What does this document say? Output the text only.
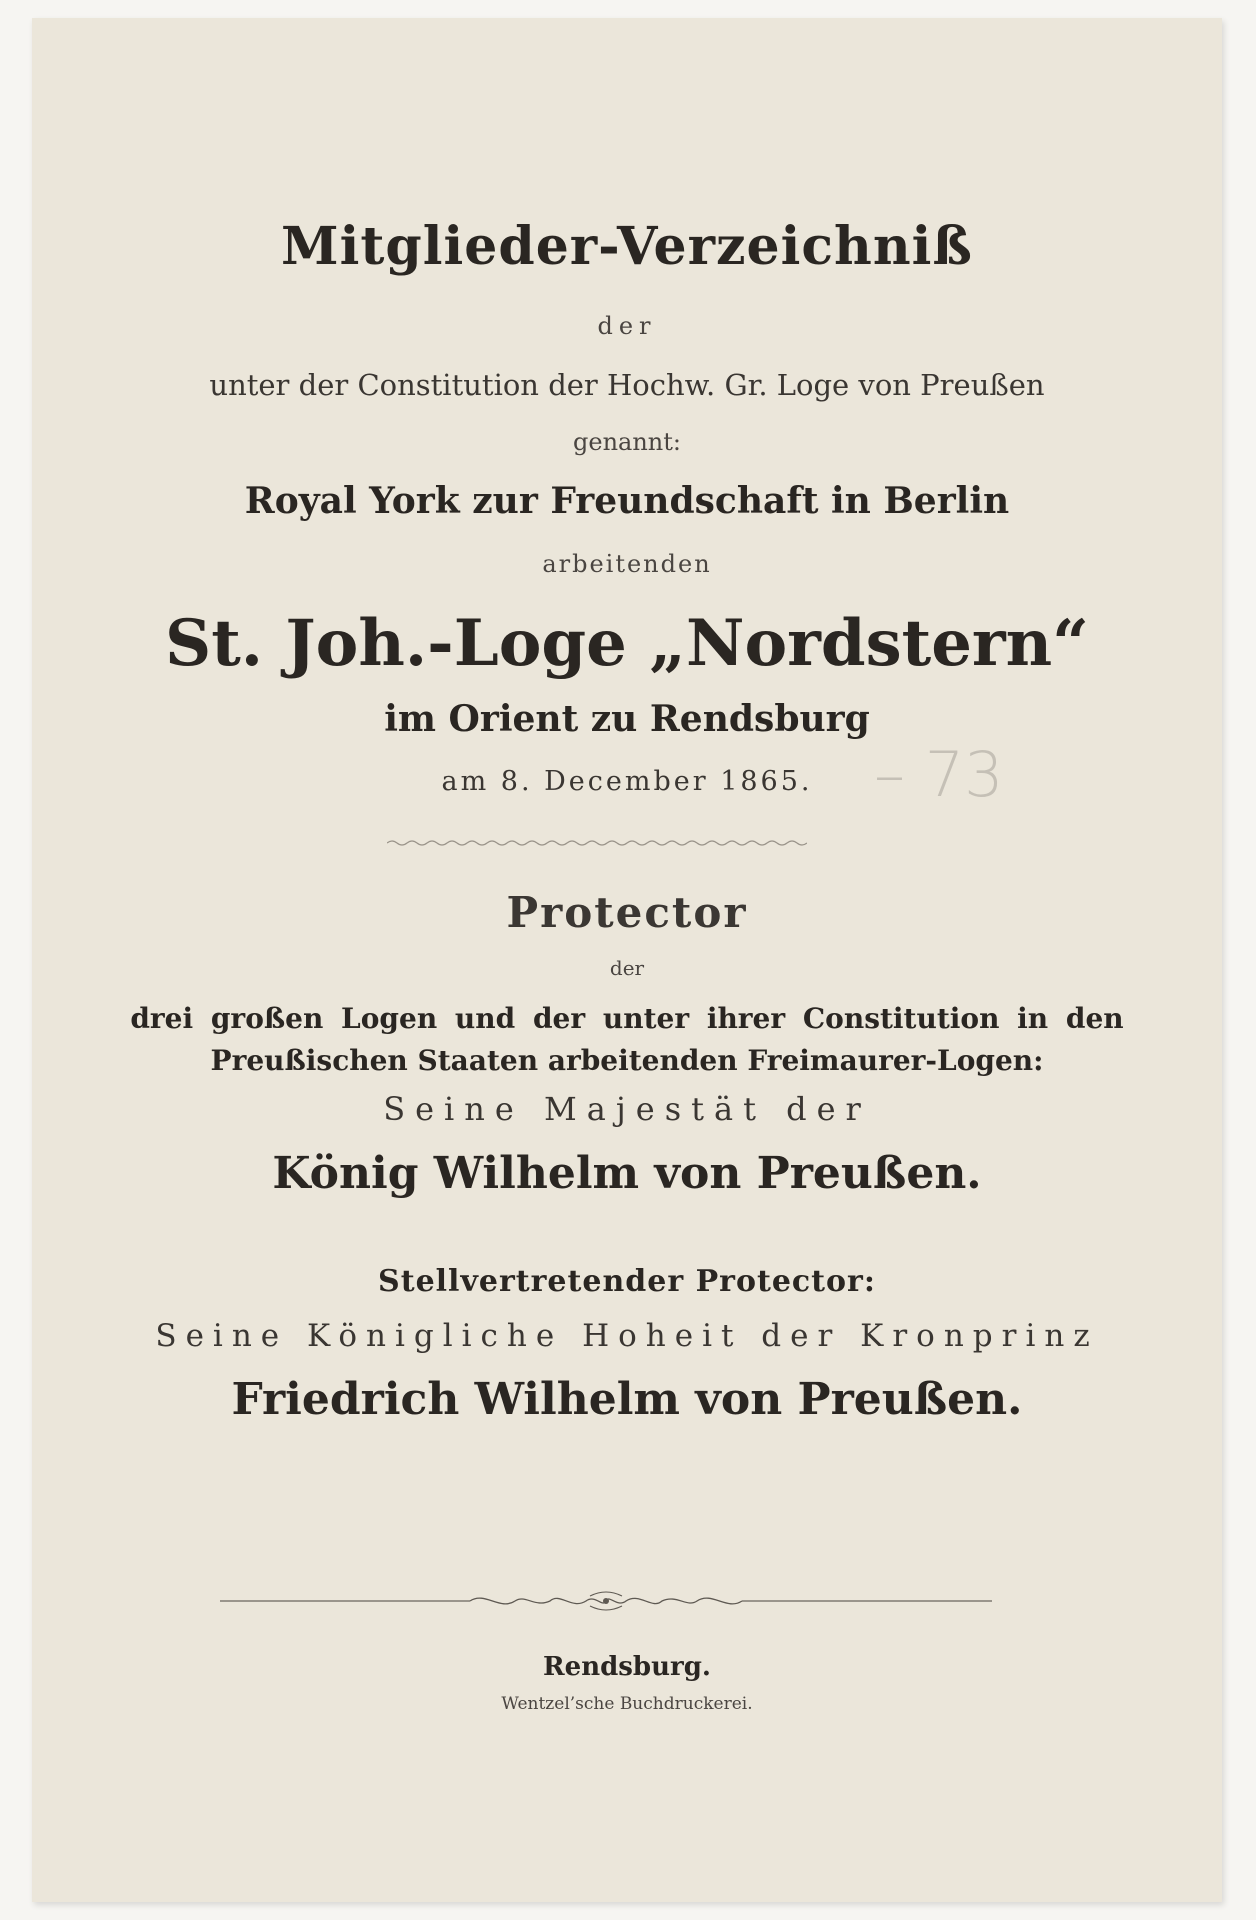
Mitglieder-Verzeichniß
der
unter der Constitution der Hochw. Gr. Loge von Preußen
genannt:
Royal York zur Freundschaft in Berlin
arbeitenden
St. Joh.-Loge „Nordstern“
im Orient zu Rendsburg
am 8. December 1865. – 73
Protector
der
drei großen Logen und der unter ihrer Constitution in den
Preußischen Staaten arbeitenden Freimaurer-Logen:
Seine Majestät der
König Wilhelm von Preußen.
Stellvertretender Protector:
Seine Königliche Hoheit der Kronprinz
Friedrich Wilhelm von Preußen.
Rendsburg.
Wentzel’sche Buchdruckerei.
